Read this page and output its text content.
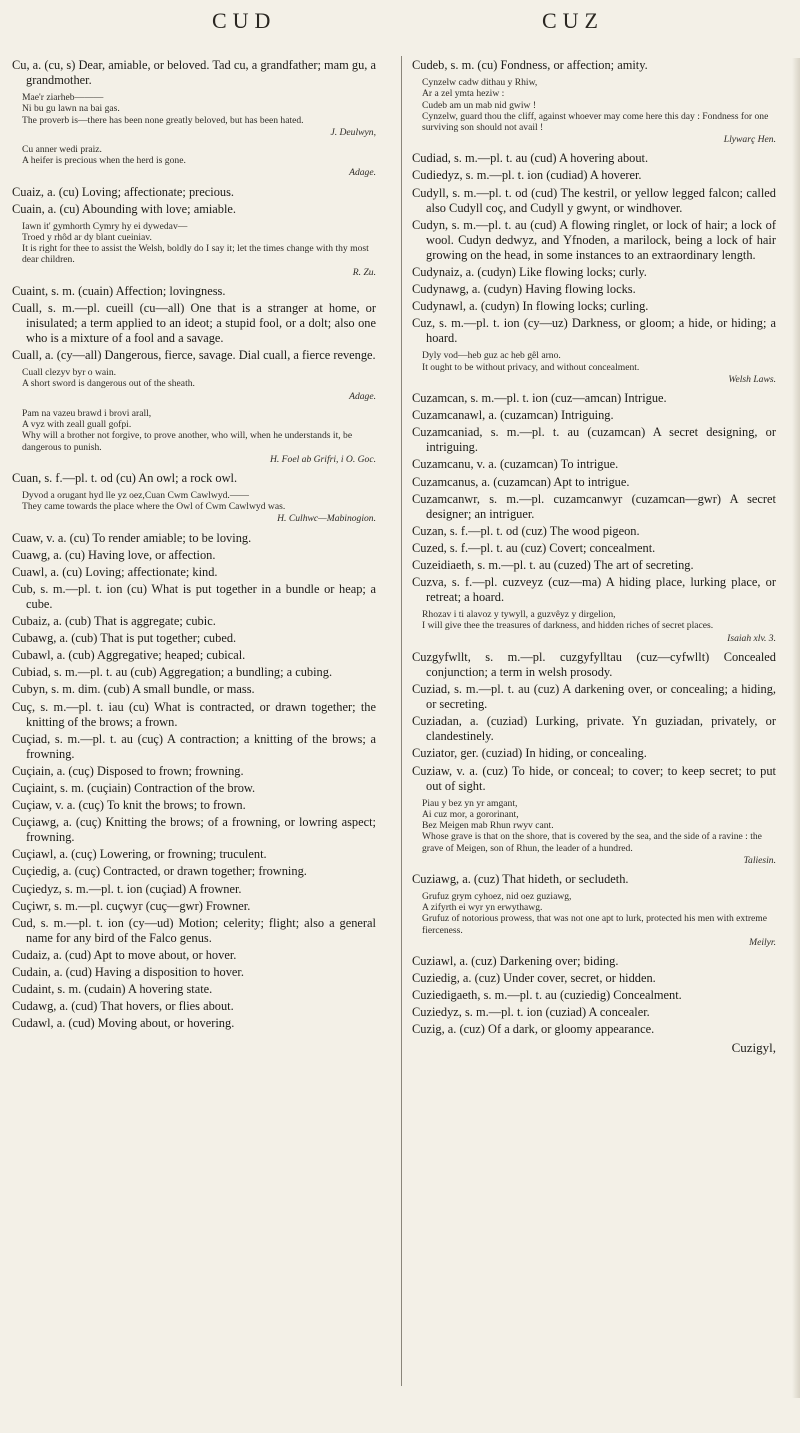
CUD	CUZ
Cu, a. (cu, s) Dear, amiable, or beloved. Tad cu, a grandfather; mam gu, a grandmother.
Mae'r ziarheb———
Ni bu gu lawn na bai gas.
The proverb is—there has been none greatly beloved, but has been hated.
J. Deulwyn,
Cu anner wedi praiz.
A heifer is precious when the herd is gone.
Adage.
Cuaiz, a. (cu) Loving; affectionate; precious.
Cuain, a. (cu) Abounding with love; amiable.
Iawn it' gymhorth Cymry hy ei dywedav—
Troed y rhôd ar dy blant cueiniav.
It is right for thee to assist the Welsh, boldly do I say it; let the times change with thy most dear children.
R. Zu.
Cuaint, s. m. (cuain) Affection; lovingness.
Cuall, s. m.—pl. cueill (cu—all) One that is a stranger at home, or inisulated; a term applied to an ideot; a stupid fool, or a dolt; also one who is a mixture of a fool and a savage.
Cuall, a. (cy—all) Dangerous, fierce, savage. Dial cuall, a fierce revenge.
Cuall clezyv byr o wain.
A short sword is dangerous out of the sheath.
Adage.
Pam na vazeu brawd i brovi arall,
A vyz with zeall guall gofpi.
Why will a brother not forgive, to prove another, who will, when he understands it, be dangerous to punish.
H. Foel ab Grifri, i O. Goc.
Cuan, s. f.—pl. t. od (cu) An owl; a rock owl.
Dyvod a orugant hyd lle yz oez,Cuan Cwm Cawlwyd.——
They came towards the place where the Owl of Cwm Cawlwyd was.
H. Culhwc—Mabinogion.
Cuaw, v. a. (cu) To render amiable; to be loving.
Cuawg, a. (cu) Having love, or affection.
Cuawl, a. (cu) Loving; affectionate; kind.
Cub, s. m.—pl. t. ion (cu) What is put together in a bundle or heap; a cube.
Cubaiz, a. (cub) That is aggregate; cubic.
Cubawg, a. (cub) That is put together; cubed.
Cubawl, a. (cub) Aggregative; heaped; cubical.
Cubiad, s. m.—pl. t. au (cub) Aggregation; a bundling; a cubing.
Cubyn, s. m. dim. (cub) A small bundle, or mass.
Cuç, s. m.—pl. t. iau (cu) What is contracted, or drawn together; the knitting of the brows; a frown.
Cuçiad, s. m.—pl. t. au (cuç) A contraction; a knitting of the brows; a frowning.
Cuçiain, a. (cuç) Disposed to frown; frowning.
Cuçiaint, s. m. (cuçiain) Contraction of the brow.
Cuçiaw, v. a. (cuç) To knit the brows; to frown.
Cuçiawg, a. (cuç) Knitting the brows; of a frowning, or lowring aspect; frowning.
Cuçiawl, a. (cuç) Lowering, or frowning; truculent.
Cuçiedig, a. (cuç) Contracted, or drawn together; frowning.
Cuçiedyz, s. m.—pl. t. ion (cuçiad) A frowner.
Cuçiwr, s. m.—pl. cuçwyr (cuç—gwr) Frowner.
Cud, s. m.—pl. t. ion (cy—ud) Motion; celerity; flight; also a general name for any bird of the Falco genus.
Cudaiz, a. (cud) Apt to move about, or hover.
Cudain, a. (cud) Having a disposition to hover.
Cudaint, s. m. (cudain) A hovering state.
Cudawg, a. (cud) That hovers, or flies about.
Cudawl, a. (cud) Moving about, or hovering.
Cudeb, s. m. (cu) Fondness, or affection; amity.
Cynzelw cadw dithau y Rhiw,
Ar a zel ymta heziw :
Cudeb am un mab nid gwiw !
Cynzelw, guard thou the cliff, against whoever may come here this day : Fondness for one surviving son should not avail !
Llywarç Hen.
Cudiad, s. m.—pl. t. au (cud) A hovering about.
Cudiedyz, s. m.—pl. t. ion (cudiad) A hoverer.
Cudyll, s. m.—pl. t. od (cud) The kestril, or yellow legged falcon; called also Cudyll coç, and Cudyll y gwynt, or windhover.
Cudyn, s. m.—pl. t. au (cud) A flowing ringlet, or lock of hair; a lock of wool. Cudyn dedwyz, and Yfnoden, a marilock, being a lock of hair growing on the head, in some instances to an extraordinary length.
Cudynaiz, a. (cudyn) Like flowing locks; curly.
Cudynawg, a. (cudyn) Having flowing locks.
Cudynawl, a. (cudyn) In flowing locks; curling.
Cuz, s. m.—pl. t. ion (cy—uz) Darkness, or gloom; a hide, or hiding; a hoard.
Dyly vod—heb guz ac heb gêl arno.
It ought to be without privacy, and without concealment.
Welsh Laws.
Cuzamcan, s. m.—pl. t. ion (cuz—amcan) Intrigue.
Cuzamcanawl, a. (cuzamcan) Intriguing.
Cuzamcaniad, s. m.—pl. t. au (cuzamcan) A secret designing, or intriguing.
Cuzamcanu, v. a. (cuzamcan) To intrigue.
Cuzamcanus, a. (cuzamcan) Apt to intrigue.
Cuzamcanwr, s. m.—pl. cuzamcanwyr (cuzamcan—gwr) A secret designer; an intriguer.
Cuzan, s. f.—pl. t. od (cuz) The wood pigeon.
Cuzed, s. f.—pl. t. au (cuz) Covert; concealment.
Cuzeidiaeth, s. m.—pl. t. au (cuzed) The art of secreting.
Cuzva, s. f.—pl. cuzveyz (cuz—ma) A hiding place, lurking place, or retreat; a hoard.
Rhozav i ti alavoz y tywyll, a guzvêyz y dirgelion,
I will give thee the treasures of darkness, and hidden riches of secret places.
Isaiah xlv. 3.
Cuzgyfwllt, s. m.—pl. cuzgyfylltau (cuz—cyfwllt) Concealed conjunction; a term in welsh prosody.
Cuziad, s. m.—pl. t. au (cuz) A darkening over, or concealing; a hiding, or secreting.
Cuziadan, a. (cuziad) Lurking, private. Yn guziadan, privately, or clandestinely.
Cuziator, ger. (cuziad) In hiding, or concealing.
Cuziaw, v. a. (cuz) To hide, or conceal; to cover; to keep secret; to put out of sight.
Piau y bez yn yr amgant,
Ai cuz mor, a gororinant,
Bez Meigen mab Rhun rwyv cant.
Whose grave is that on the shore, that is covered by the sea, and the side of a ravine : the grave of Meigen, son of Rhun, the leader of a hundred.
Taliesin.
Cuziawg, a. (cuz) That hideth, or secludeth.
Grufuz grym cyhoez, nid oez guziawg,
A zifyrth ei wyr yn erwythawg.
Grufuz of notorious prowess, that was not one apt to lurk, protected his men with extreme fierceness.
Meilyr.
Cuziawl, a. (cuz) Darkening over; biding.
Cuziedig, a. (cuz) Under cover, secret, or hidden.
Cuziedigaeth, s. m.—pl. t. au (cuziedig) Concealment.
Cuziedyz, s. m.—pl. t. ion (cuziad) A concealer.
Cuzig, a. (cuz) Of a dark, or gloomy appearance.
Cuzigyl,
